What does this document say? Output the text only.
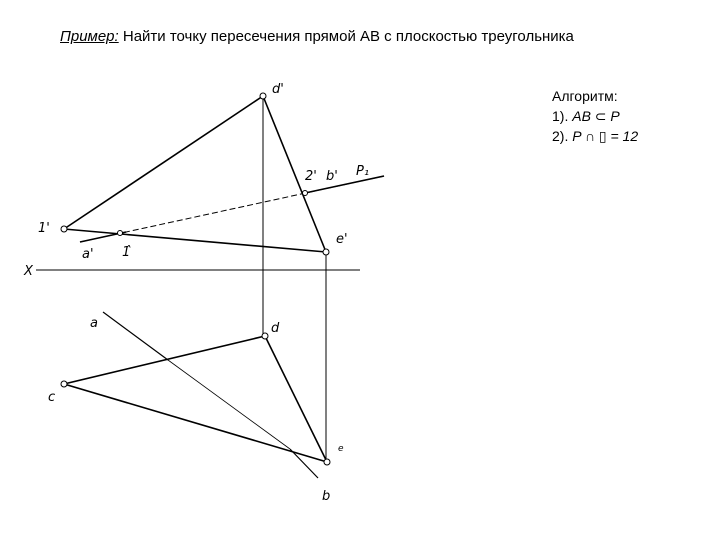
Пример: Найти точку пересечения прямой АВ с плоскостью треугольника
Алгоритм:
1). AB ⊂ P
2). P ∩ ▯ = 12
d'
2' b' P₁
1'
e'
a' 1̂
X
a	d
c
e
b
